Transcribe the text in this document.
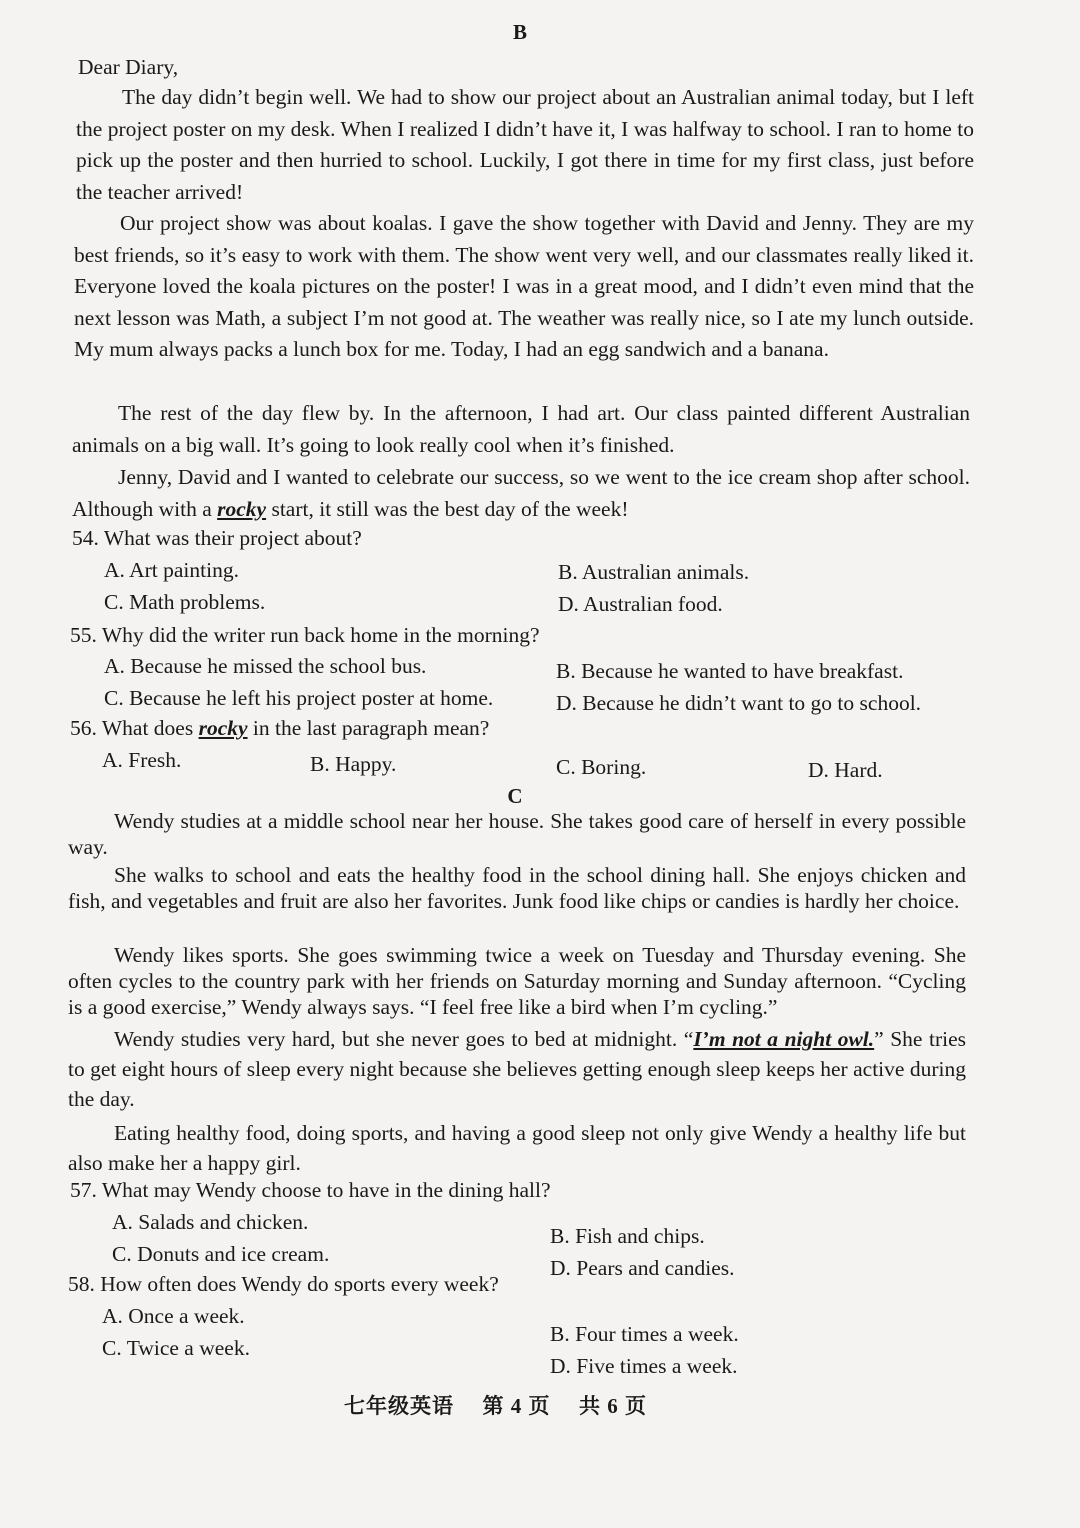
B
Dear Diary,

The day didn’t begin well. We had to show our project about an Australian animal today, but I left the project poster on my desk. When I realized I didn’t have it, I was halfway to school. I ran to home to pick up the poster and then hurried to school. Luckily, I got there in time for my first class, just before the teacher arrived!

Our project show was about koalas. I gave the show together with David and Jenny. They are my best friends, so it’s easy to work with them. The show went very well, and our classmates really liked it. Everyone loved the koala pictures on the poster! I was in a great mood, and I didn’t even mind that the next lesson was Math, a subject I’m not good at. The weather was really nice, so I ate my lunch outside. My mum always packs a lunch box for me. Today, I had an egg sandwich and a banana.

The rest of the day flew by. In the afternoon, I had art. Our class painted different Australian animals on a big wall. It’s going to look really cool when it’s finished.

Jenny, David and I wanted to celebrate our success, so we went to the ice cream shop after school. Although with a rocky start, it still was the best day of the week!

54. What was their project about?
A. Art painting.	B. Australian animals.
C. Math problems.	D. Australian food.
55. Why did the writer run back home in the morning?
A. Because he missed the school bus.	B. Because he wanted to have breakfast.
C. Because he left his project poster at home.	D. Because he didn’t want to go to school.
56. What does rocky in the last paragraph mean?
A. Fresh.	B. Happy.	C. Boring.	D. Hard.
C

Wendy studies at a middle school near her house. She takes good care of herself in every possible way.

She walks to school and eats the healthy food in the school dining hall. She enjoys chicken and fish, and vegetables and fruit are also her favorites. Junk food like chips or candies is hardly her choice.

Wendy likes sports. She goes swimming twice a week on Tuesday and Thursday evening. She often cycles to the country park with her friends on Saturday morning and Sunday afternoon. “Cycling is a good exercise,” Wendy always says. “I feel free like a bird when I’m cycling.”

Wendy studies very hard, but she never goes to bed at midnight. “I’m not a night owl.” She tries to get eight hours of sleep every night because she believes getting enough sleep keeps her active during the day.

Eating healthy food, doing sports, and having a good sleep not only give Wendy a healthy life but also make her a happy girl.

57. What may Wendy choose to have in the dining hall?
A. Salads and chicken.
B. Fish and chips.
C. Donuts and ice cream.
D. Pears and candies.
58. How often does Wendy do sports every week?
A. Once a week.
B. Four times a week.
C. Twice a week.
D. Five times a week.
七年级英语 第 4 页 共 6 页
